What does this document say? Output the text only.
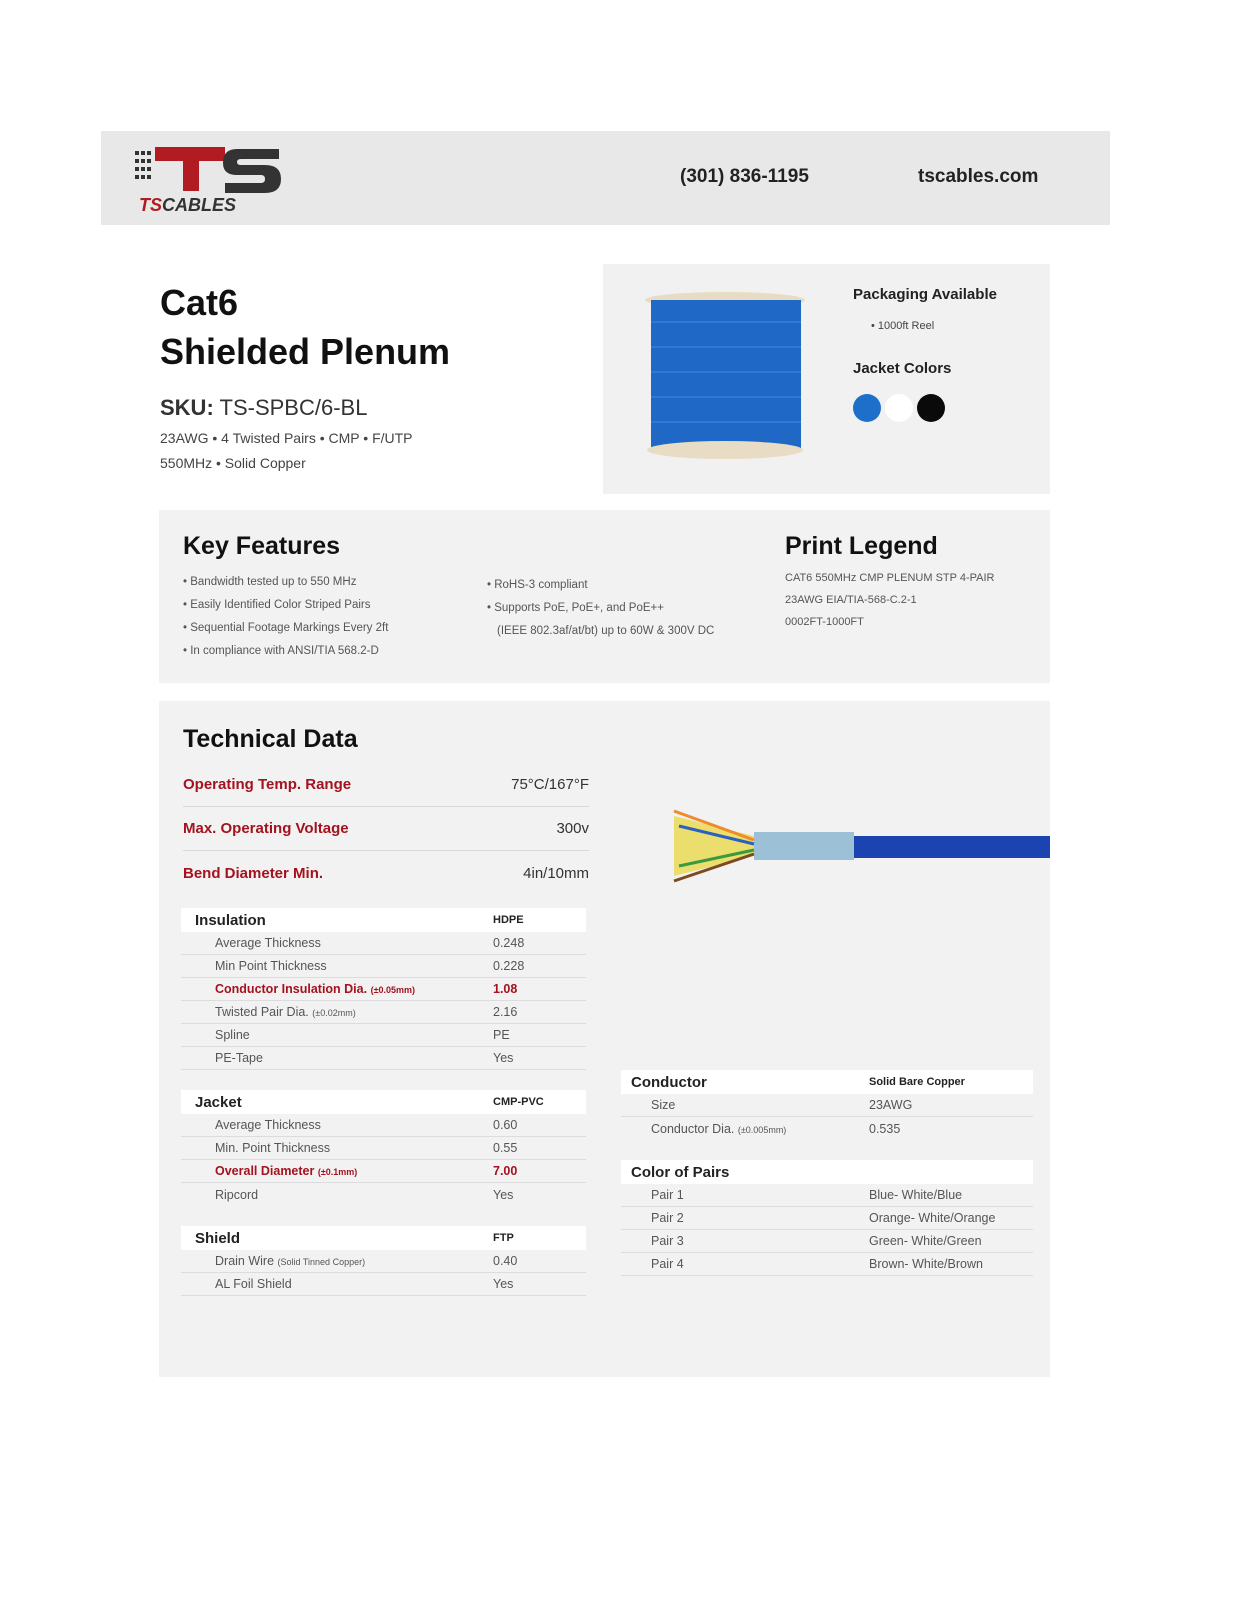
TSCABLES
(301) 836-1195	tscables.com
Cat6
Shielded Plenum
SKU: TS-SPBC/6-BL
23AWG • 4 Twisted Pairs • CMP • F/UTP
550MHz • Solid Copper
Packaging Available
• 1000ft Reel
Jacket Colors
Key Features
• Bandwidth tested up to 550 MHz
• Easily Identified Color Striped Pairs
• Sequential Footage Markings Every 2ft
• In compliance with ANSI/TIA 568.2-D
• RoHS-3 compliant
• Supports PoE, PoE+, and PoE++
(IEEE 802.3af/at/bt) up to 60W & 300V DC
Print Legend
CAT6 550MHz CMP PLENUM STP 4-PAIR
23AWG EIA/TIA-568-C.2-1
0002FT-1000FT
Technical Data
Operating Temp. Range	75°C/167°F
Max. Operating Voltage	300v
Bend Diameter Min.	4in/10mm
Insulation	HDPE
Average Thickness	0.248
Min Point Thickness	0.228
Conductor Insulation Dia. (±0.05mm)	1.08
Twisted Pair Dia. (±0.02mm)	2.16
Spline	PE
PE-Tape	Yes
Jacket	CMP-PVC
Average Thickness	0.60
Min. Point Thickness	0.55
Overall Diameter (±0.1mm)	7.00
Ripcord	Yes
Shield	FTP
Drain Wire (Solid Tinned Copper)	0.40
AL Foil Shield	Yes
Conductor	Solid Bare Copper
Size	23AWG
Conductor Dia. (±0.005mm)	0.535
Color of Pairs
Pair 1	Blue- White/Blue
Pair 2	Orange- White/Orange
Pair 3	Green- White/Green
Pair 4	Brown- White/Brown
